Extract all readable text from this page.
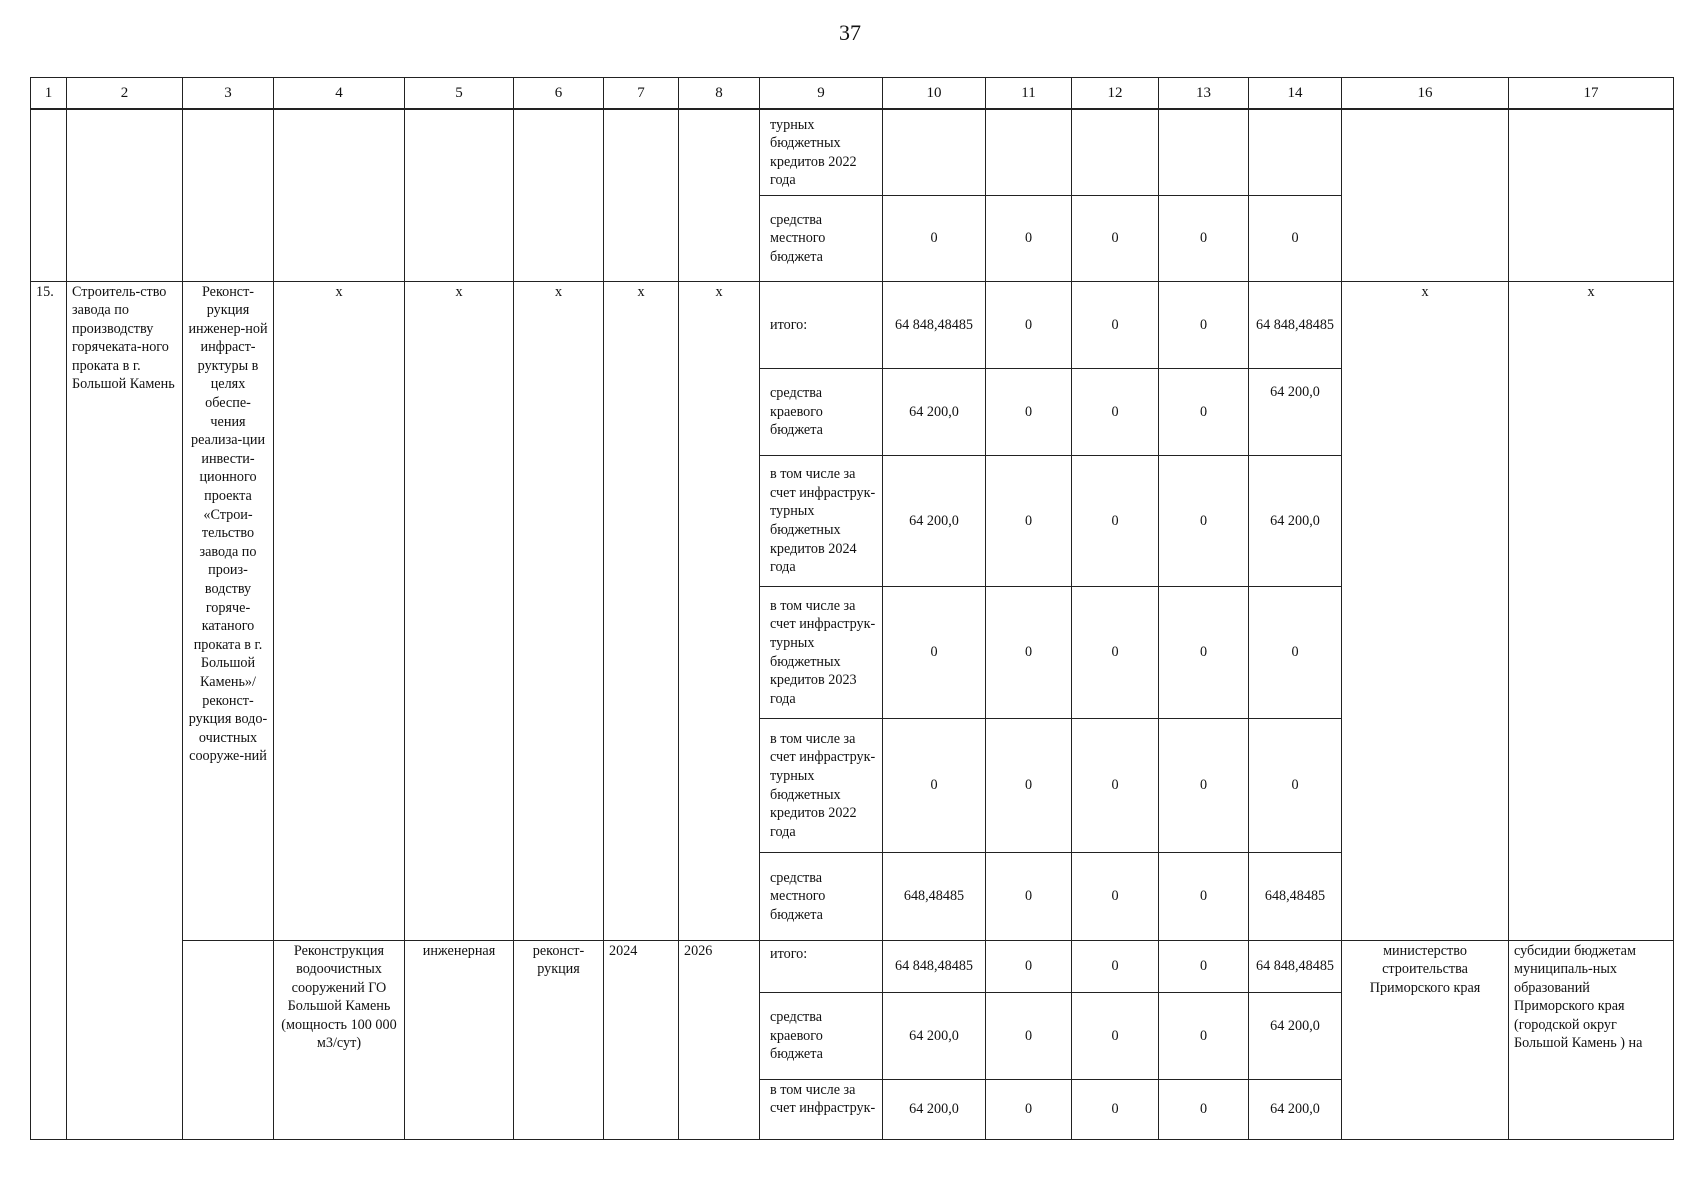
37
1	2	3	4	5	6	7	8	9	10	11	12	13	14	16	17
								турных бюджетных кредитов 2022 года							
								средства местного бюджета	0	0	0	0	0		
15.	Строитель-ство завода по производству горячеката-ного проката в г. Большой Камень	Реконст-рукция инженер-ной инфраст-руктуры в целях обеспе-чения реализа-ции инвести-ционного проекта «Строи-тельство завода по произ-водству горяче-катаного проката в г. Большой Камень»/ реконст-рукция водо-очистных сооруже-ний	х	х	х	х	х	итого:	64 848,48485	0	0	0	64 848,48485	х	х
								средства краевого бюджета	64 200,0	0	0	0	64 200,0		
								в том числе за счет инфраструк-турных бюджетных кредитов 2024 года	64 200,0	0	0	0	64 200,0		
								в том числе за счет инфраструк-турных бюджетных кредитов 2023 года	0	0	0	0	0		
								в том числе за счет инфраструк-турных бюджетных кредитов 2022 года	0	0	0	0	0		
								средства местного бюджета	648,48485	0	0	0	648,48485		
			Реконструкция водоочистных сооружений ГО Большой Камень (мощность 100 000 м3/сут)	инженерная	реконст-рукция	2024	2026	итого:	64 848,48485	0	0	0	64 848,48485	министерство строительства Приморского края	субсидии бюджетам муниципаль-ных образований Приморского края (городской округ Большой Камень ) на
								средства краевого бюджета	64 200,0	0	0	0	64 200,0		
								в том числе за счет инфраструк-	64 200,0	0	0	0	64 200,0		
